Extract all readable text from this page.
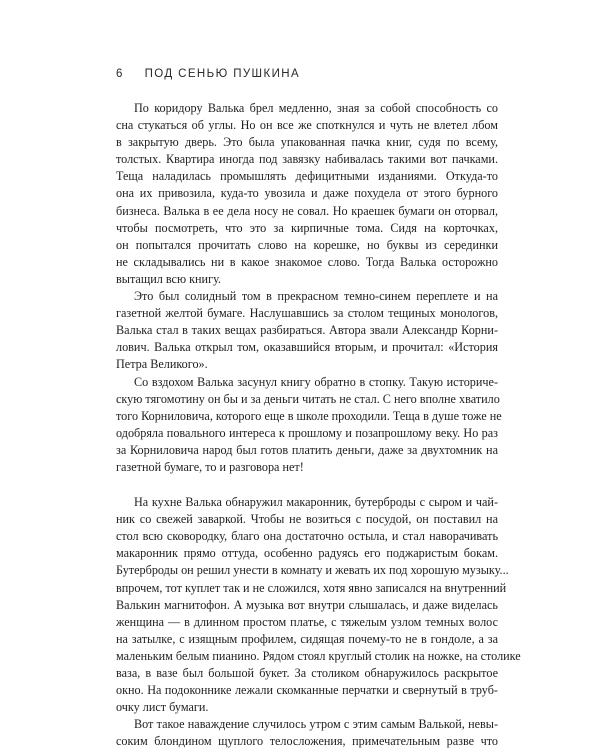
6 ПОД СЕНЬЮ ПУШКИНА

По коридору Валька брел медленно, зная за собой способность со
сна стукаться об углы. Но он все же споткнулся и чуть не влетел лбом
в закрытую дверь. Это была упакованная пачка книг, судя по всему,
толстых. Квартира иногда под завязку набивалась такими вот пачками.
Теща наладилась промышлять дефицитными изданиями. Откуда-то
она их привозила, куда-то увозила и даже похудела от этого бурного
бизнеса. Валька в ее дела носу не совал. Но краешек бумаги он оторвал,
чтобы посмотреть, что это за кирпичные тома. Сидя на корточках,
он попытался прочитать слово на корешке, но буквы из серединки
не складывались ни в какое знакомое слово. Тогда Валька осторожно
вытащил всю книгу.

Это был солидный том в прекрасном темно-синем переплете и на
газетной желтой бумаге. Наслушавшись за столом тещиных монологов,
Валька стал в таких вещах разбираться. Автора звали Александр Корни-
лович. Валька открыл том, оказавшийся вторым, и прочитал: «История
Петра Великого».

Со вздохом Валька засунул книгу обратно в стопку. Такую историче-
скую тягомотину он бы и за деньги читать не стал. С него вполне хватило
того Корниловича, которого еще в школе проходили. Теща в душе тоже не
одобряла повального интереса к прошлому и позапрошлому веку. Но раз
за Корниловича народ был готов платить деньги, даже за двухтомник на
газетной бумаге, то и разговора нет!

На кухне Валька обнаружил макаронник, бутерброды с сыром и чай-
ник со свежей заваркой. Чтобы не возиться с посудой, он поставил на
стол всю сковородку, благо она достаточно остыла, и стал наворачивать
макаронник прямо оттуда, особенно радуясь его поджаристым бокам.
Бутерброды он решил унести в комнату и жевать их под хорошую музыку...
впрочем, тот куплет так и не сложился, хотя явно записался на внутренний
Валькин магнитофон. А музыка вот внутри слышалась, и даже виделась
женщина — в длинном простом платье, с тяжелым узлом темных волос
на затылке, с изящным профилем, сидящая почему-то не в гондоле, а за
маленьким белым пианино. Рядом стоял круглый столик на ножке, на столике
ваза, в вазе был большой букет. За столиком обнаружилось раскрытое
окно. На подоконнике лежали скомканные перчатки и свернутый в труб-
очку лист бумаги.

Вот такое наваждение случилось утром с этим самым Валькой, невы-
соким блондином щуплого телосложения, примечательным разве что
